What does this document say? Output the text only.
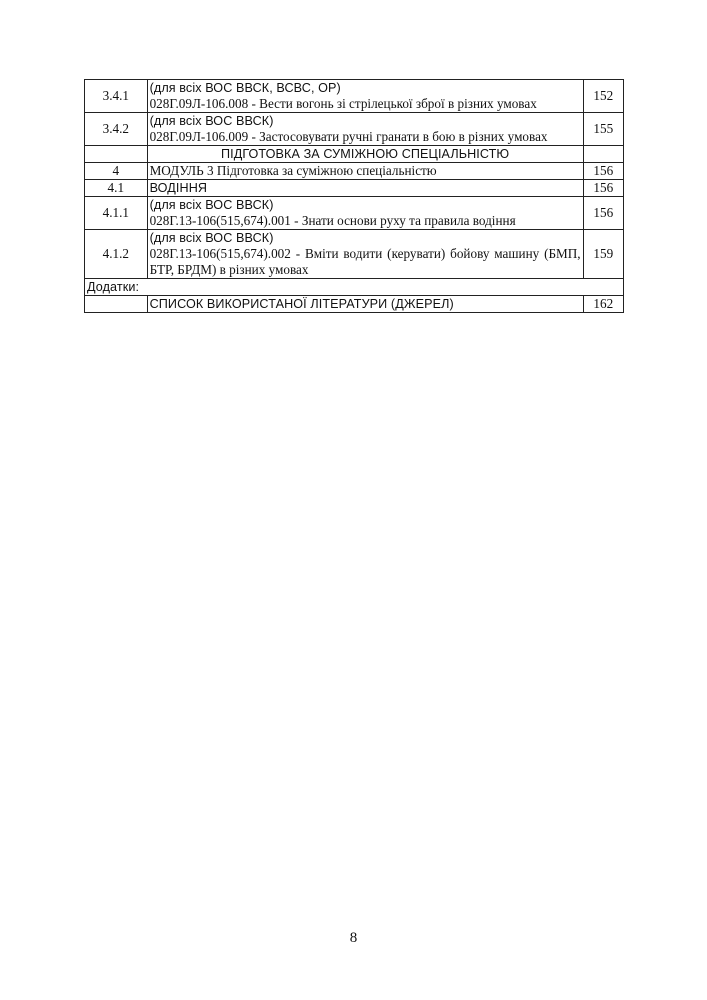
3.4.1	(для всіх ВОС ВВСК, ВСВС, ОР)
028Г.09Л-106.008 - Вести вогонь зі стрілецької зброї в різних умовах	152
3.4.2	(для всіх ВОС ВВСК)
028Г.09Л-106.009 - Застосовувати ручні гранати в бою в різних умовах	155

	ПІДГОТОВКА ЗА СУМІЖНОЮ СПЕЦІАЛЬНІСТЮ	

4	МОДУЛЬ 3 Підготовка за суміжною спеціальністю	156
4.1	ВОДІННЯ	156
4.1.1	(для всіх ВОС ВВСК)
028Г.13-106(515,674).001 - Знати основи руху та правила водіння	156
4.1.2	(для всіх ВОС ВВСК)
028Г.13-106(515,674).002 - Вміти водити (керувати) бойову машину (БМП, БТР, БРДМ) в різних умовах	159

Додатки:		

	СПИСОК ВИКОРИСТАНОЇ ЛІТЕРАТУРИ (ДЖЕРЕЛ)	162
8
